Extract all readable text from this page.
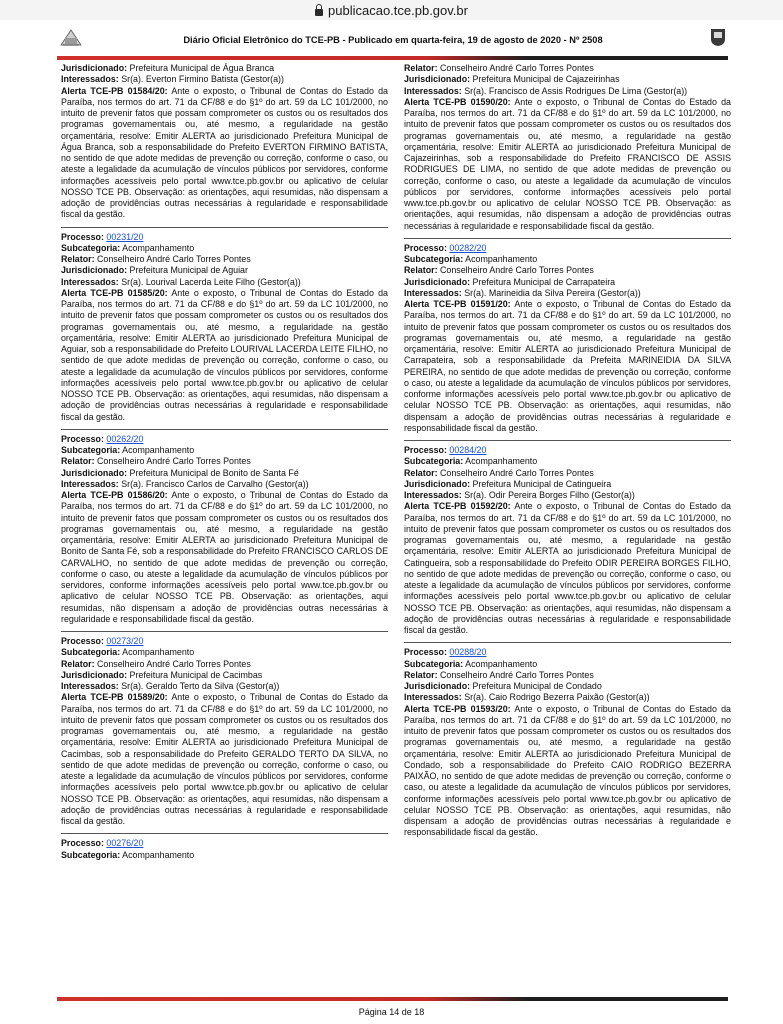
publicacao.tce.pb.gov.br
Diário Oficial Eletrônico do TCE-PB - Publicado em quarta-feira, 19 de agosto de 2020 - Nº 2508
Jurisdicionado: Prefeitura Municipal de Água Branca
Interessados: Sr(a). Everton Firmino Batista (Gestor(a))

Alerta TCE-PB 01584/20: Ante o exposto, o Tribunal de Contas do Estado da Paraíba, nos termos do art. 71 da CF/88 e do §1º do art. 59 da LC 101/2000, no intuito de prevenir fatos que possam comprometer os custos ou os resultados dos programas governamentais ou, até mesmo, a regularidade na gestão orçamentária, resolve: Emitir ALERTA ao jurisdicionado Prefeitura Municipal de Água Branca, sob a responsabilidade do Prefeito EVERTON FIRMINO BATISTA, no sentido de que adote medidas de prevenção ou correção, conforme o caso, ou ateste a legalidade da acumulação de vínculos públicos por servidores, conforme informações acessíveis pelo portal www.tce.pb.gov.br ou aplicativo de celular NOSSO TCE PB. Observação: as orientações, aqui resumidas, não dispensam a adoção de providências outras necessárias à regularidade e responsabilidade fiscal da gestão.

Processo: 00231/20
Subcategoria: Acompanhamento
Relator: Conselheiro André Carlo Torres Pontes
Jurisdicionado: Prefeitura Municipal de Aguiar
Interessados: Sr(a). Lourival Lacerda Leite Filho (Gestor(a))

Alerta TCE-PB 01585/20: Ante o exposto, o Tribunal de Contas do Estado da Paraíba, nos termos do art. 71 da CF/88 e do §1º do art. 59 da LC 101/2000, no intuito de prevenir fatos que possam comprometer os custos ou os resultados dos programas governamentais ou, até mesmo, a regularidade na gestão orçamentária, resolve: Emitir ALERTA ao jurisdicionado Prefeitura Municipal de Aguiar, sob a responsabilidade do Prefeito LOURIVAL LACERDA LEITE FILHO, no sentido de que adote medidas de prevenção ou correção, conforme o caso, ou ateste a legalidade da acumulação de vínculos públicos por servidores, conforme informações acessíveis pelo portal www.tce.pb.gov.br ou aplicativo de celular NOSSO TCE PB. Observação: as orientações, aqui resumidas, não dispensam a adoção de providências outras necessárias à regularidade e responsabilidade fiscal da gestão.

Processo: 00262/20
Subcategoria: Acompanhamento
Relator: Conselheiro André Carlo Torres Pontes
Jurisdicionado: Prefeitura Municipal de Bonito de Santa Fé
Interessados: Sr(a). Francisco Carlos de Carvalho (Gestor(a))

Alerta TCE-PB 01586/20: Ante o exposto, o Tribunal de Contas do Estado da Paraíba, nos termos do art. 71 da CF/88 e do §1º do art. 59 da LC 101/2000, no intuito de prevenir fatos que possam comprometer os custos ou os resultados dos programas governamentais ou, até mesmo, a regularidade na gestão orçamentária, resolve: Emitir ALERTA ao jurisdicionado Prefeitura Municipal de Bonito de Santa Fé, sob a responsabilidade do Prefeito FRANCISCO CARLOS DE CARVALHO, no sentido de que adote medidas de prevenção ou correção, conforme o caso, ou ateste a legalidade da acumulação de vínculos públicos por servidores, conforme informações acessíveis pelo portal www.tce.pb.gov.br ou aplicativo de celular NOSSO TCE PB. Observação: as orientações, aqui resumidas, não dispensam a adoção de providências outras necessárias à regularidade e responsabilidade fiscal da gestão.

Processo: 00273/20
Subcategoria: Acompanhamento
Relator: Conselheiro André Carlo Torres Pontes
Jurisdicionado: Prefeitura Municipal de Cacimbas
Interessados: Sr(a). Geraldo Terto da Silva (Gestor(a))

Alerta TCE-PB 01589/20: Ante o exposto, o Tribunal de Contas do Estado da Paraíba, nos termos do art. 71 da CF/88 e do §1º do art. 59 da LC 101/2000, no intuito de prevenir fatos que possam comprometer os custos ou os resultados dos programas governamentais ou, até mesmo, a regularidade na gestão orçamentária, resolve: Emitir ALERTA ao jurisdicionado Prefeitura Municipal de Cacimbas, sob a responsabilidade do Prefeito GERALDO TERTO DA SILVA, no sentido de que adote medidas de prevenção ou correção, conforme o caso, ou ateste a legalidade da acumulação de vínculos públicos por servidores, conforme informações acessíveis pelo portal www.tce.pb.gov.br ou aplicativo de celular NOSSO TCE PB. Observação: as orientações, aqui resumidas, não dispensam a adoção de providências outras necessárias à regularidade e responsabilidade fiscal da gestão.

Processo: 00276/20
Subcategoria: Acompanhamento
Relator: Conselheiro André Carlo Torres Pontes
Jurisdicionado: Prefeitura Municipal de Cajazeirinhas

Interessados: Sr(a). Francisco de Assis Rodrigues De Lima (Gestor(a))

Alerta TCE-PB 01590/20: Ante o exposto, o Tribunal de Contas do Estado da Paraíba, nos termos do art. 71 da CF/88 e do §1º do art. 59 da LC 101/2000, no intuito de prevenir fatos que possam comprometer os custos ou os resultados dos programas governamentais ou, até mesmo, a regularidade na gestão orçamentária, resolve: Emitir ALERTA ao jurisdicionado Prefeitura Municipal de Cajazeirinhas, sob a responsabilidade do Prefeito FRANCISCO DE ASSIS RODRIGUES DE LIMA, no sentido de que adote medidas de prevenção ou correção, conforme o caso, ou ateste a legalidade da acumulação de vínculos públicos por servidores, conforme informações acessíveis pelo portal www.tce.pb.gov.br ou aplicativo de celular NOSSO TCE PB. Observação: as orientações, aqui resumidas, não dispensam a adoção de providências outras necessárias à regularidade e responsabilidade fiscal da gestão.

Processo: 00282/20
Subcategoria: Acompanhamento
Relator: Conselheiro André Carlo Torres Pontes
Jurisdicionado: Prefeitura Municipal de Carrapateira
Interessados: Sr(a). Marineidia da Silva Pereira (Gestor(a))

Alerta TCE-PB 01591/20: Ante o exposto, o Tribunal de Contas do Estado da Paraíba, nos termos do art. 71 da CF/88 e do §1º do art. 59 da LC 101/2000, no intuito de prevenir fatos que possam comprometer os custos ou os resultados dos programas governamentais ou, até mesmo, a regularidade na gestão orçamentária, resolve: Emitir ALERTA ao jurisdicionado Prefeitura Municipal de Carrapateira, sob a responsabilidade da Prefeita MARINEIDIA DA SILVA PEREIRA, no sentido de que adote medidas de prevenção ou correção, conforme o caso, ou ateste a legalidade da acumulação de vínculos públicos por servidores, conforme informações acessíveis pelo portal www.tce.pb.gov.br ou aplicativo de celular NOSSO TCE PB. Observação: as orientações, aqui resumidas, não dispensam a adoção de providências outras necessárias à regularidade e responsabilidade fiscal da gestão.

Processo: 00284/20
Subcategoria: Acompanhamento
Relator: Conselheiro André Carlo Torres Pontes
Jurisdicionado: Prefeitura Municipal de Catingueira
Interessados: Sr(a). Odir Pereira Borges Filho (Gestor(a))

Alerta TCE-PB 01592/20: Ante o exposto, o Tribunal de Contas do Estado da Paraíba, nos termos do art. 71 da CF/88 e do §1º do art. 59 da LC 101/2000, no intuito de prevenir fatos que possam comprometer os custos ou os resultados dos programas governamentais ou, até mesmo, a regularidade na gestão orçamentária, resolve: Emitir ALERTA ao jurisdicionado Prefeitura Municipal de Catingueira, sob a responsabilidade do Prefeito ODIR PEREIRA BORGES FILHO, no sentido de que adote medidas de prevenção ou correção, conforme o caso, ou ateste a legalidade da acumulação de vínculos públicos por servidores, conforme informações acessíveis pelo portal www.tce.pb.gov.br ou aplicativo de celular NOSSO TCE PB. Observação: as orientações, aqui resumidas, não dispensam a adoção de providências outras necessárias à regularidade e responsabilidade fiscal da gestão.

Processo: 00288/20
Subcategoria: Acompanhamento
Relator: Conselheiro André Carlo Torres Pontes
Jurisdicionado: Prefeitura Municipal de Condado
Interessados: Sr(a). Caio Rodrigo Bezerra Paixão (Gestor(a))

Alerta TCE-PB 01593/20: Ante o exposto, o Tribunal de Contas do Estado da Paraíba, nos termos do art. 71 da CF/88 e do §1º do art. 59 da LC 101/2000, no intuito de prevenir fatos que possam comprometer os custos ou os resultados dos programas governamentais ou, até mesmo, a regularidade na gestão orçamentária, resolve: Emitir ALERTA ao jurisdicionado Prefeitura Municipal de Condado, sob a responsabilidade do Prefeito CAIO RODRIGO BEZERRA PAIXÃO, no sentido de que adote medidas de prevenção ou correção, conforme o caso, ou ateste a legalidade da acumulação de vínculos públicos por servidores, conforme informações acessíveis pelo portal www.tce.pb.gov.br ou aplicativo de celular NOSSO TCE PB. Observação: as orientações, aqui resumidas, não dispensam a adoção de providências outras necessárias à regularidade e responsabilidade fiscal da gestão.

Página 14 de 18
